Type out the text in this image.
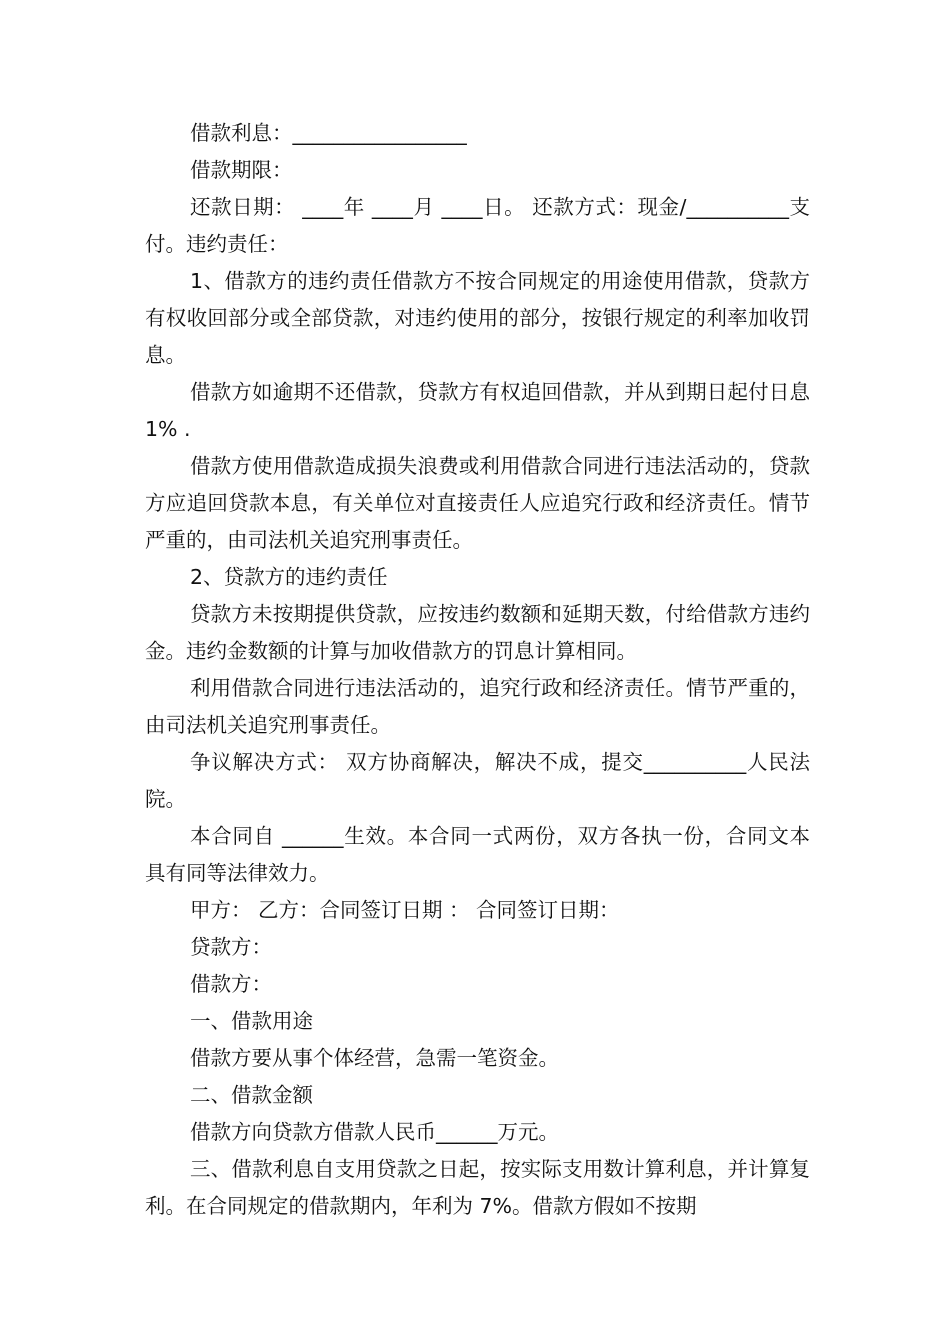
借款利息：_________________

借款期限：

还款日期： ____年 ____月 ____日。 还款方式：现金/__________支付。违约责任：

1、借款方的违约责任借款方不按合同规定的用途使用借款，贷款方有权收回部分或全部贷款，对违约使用的部分，按银行规定的利率加收罚息。

借款方如逾期不还借款，贷款方有权追回借款，并从到期日起付日息 1% .

借款方使用借款造成损失浪费或利用借款合同进行违法活动的，贷款方应追回贷款本息，有关单位对直接责任人应追究行政和经济责任。情节严重的，由司法机关追究刑事责任。

2、贷款方的违约责任

贷款方未按期提供贷款，应按违约数额和延期天数，付给借款方违约金。违约金数额的计算与加收借款方的罚息计算相同。

利用借款合同进行违法活动的，追究行政和经济责任。情节严重的，由司法机关追究刑事责任。

争议解决方式： 双方协商解决，解决不成，提交__________人民法院。

本合同自 ______生效。本合同一式两份，双方各执一份，合同文本具有同等法律效力。

甲方： 乙方：合同签订日期 ： 合同签订日期：

贷款方：

借款方：

一、借款用途

借款方要从事个体经营，急需一笔资金。

二、借款金额

借款方向贷款方借款人民币______万元。

三、借款利息自支用贷款之日起，按实际支用数计算利息，并计算复利。在合同规定的借款期内，年利为 7%。借款方假如不按期
